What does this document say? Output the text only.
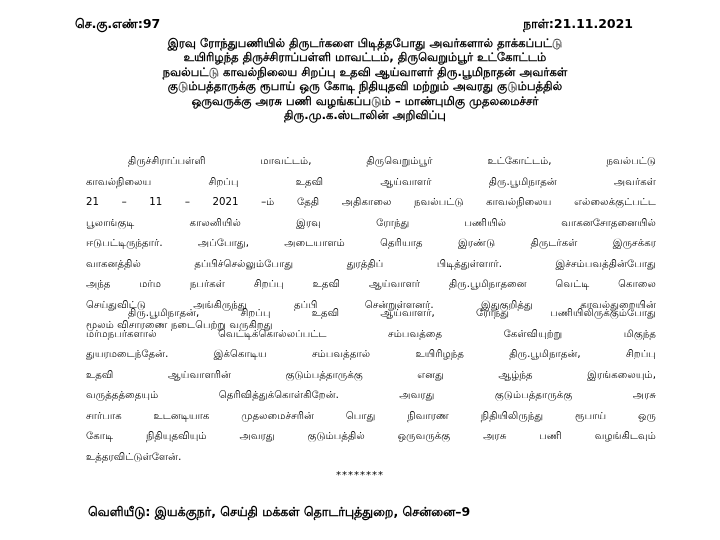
செ.கு.எண்:97	நாள்:21.11.2021
இரவு ரோந்துபணியில் திருடர்களை பிடித்தபோது அவர்களால் தாக்கப்பட்டு
உயிரிழந்த திருச்சிராப்பள்ளி மாவட்டம், திருவெறும்பூர் உட்கோட்டம்
நவல்பட்டு காவல்நிலைய சிறப்பு உதவி ஆய்வாளர் திரு.பூமிநாதன் அவர்கள்
குடும்பத்தாருக்கு ரூபாய் ஒரு கோடி நிதியுதவி மற்றும் அவரது குடும்பத்தில்
ஒருவருக்கு அரசு பணி வழங்கப்படும் – மாண்புமிகு முதலமைச்சர்
திரு.மு.க.ஸ்டாலின் அறிவிப்பு
திருச்சிராப்பள்ளி மாவட்டம், திருவெறும்பூர் உட்கோட்டம், நவல்பட்டு
காவல்நிலைய சிறப்பு உதவி ஆய்வாளர் திரு.பூமிநாதன் அவர்கள்
21 – 11 – 2021 –ம் தேதி அதிகாலை நவல்பட்டு காவல்நிலைய எல்லைக்குட்பட்ட
பூலாங்குடி காலனியில் இரவு ரோந்து பணியில் வாகனசோதனையில்
ஈடுபட்டிருந்தார். அப்போது, அடையாளம் தெரியாத இரண்டு திருடர்கள் இருசக்கர
வாகனத்தில் தப்பிச்செல்லும்போது துரத்திப் பிடித்துள்ளார். இச்சம்பவத்தின்போது
அந்த மர்ம நபர்கள் சிறப்பு உதவி ஆய்வாளர் திரு.பூமிநாதனை வெட்டி கொலை
செய்துவிட்டு அங்கிருந்து தப்பி சென்றுள்ளனர். இதுகுறித்து காவல்துறையின்
மூலம் விசாரணை நடைபெற்று வருகிறது
திரு.பூமிநாதன், சிறப்பு உதவி ஆய்வாளர், ரோந்து பணியிலிருக்கும்போது
மர்மநபர்களால் வெட்டிக்கொல்லப்பட்ட சம்பவத்தை கேள்வியுற்று மிகுந்த
துயரமடைந்தேன். இக்கொடிய சம்பவத்தால் உயிரிழந்த திரு.பூமிநாதன், சிறப்பு
உதவி ஆய்வாளரின் குடும்பத்தாருக்கு எனது ஆழ்ந்த இரங்கலையும்,
வருத்தத்தையும் தெரிவித்துக்கொள்கிறேன். அவரது குடும்பத்தாருக்கு அரசு
சார்பாக உடனடியாக முதலமைச்சரின் பொது நிவாரண நிதியிலிருந்து ரூபாய் ஒரு
கோடி நிதியுதவியும் அவரது குடும்பத்தில் ஒருவருக்கு அரசு பணி வழங்கிடவும்
உத்தரவிட்டுள்ளேன்.
********
வெளியீடு: இயக்குநர், செய்தி மக்கள் தொடர்புத்துறை, சென்னை–9
